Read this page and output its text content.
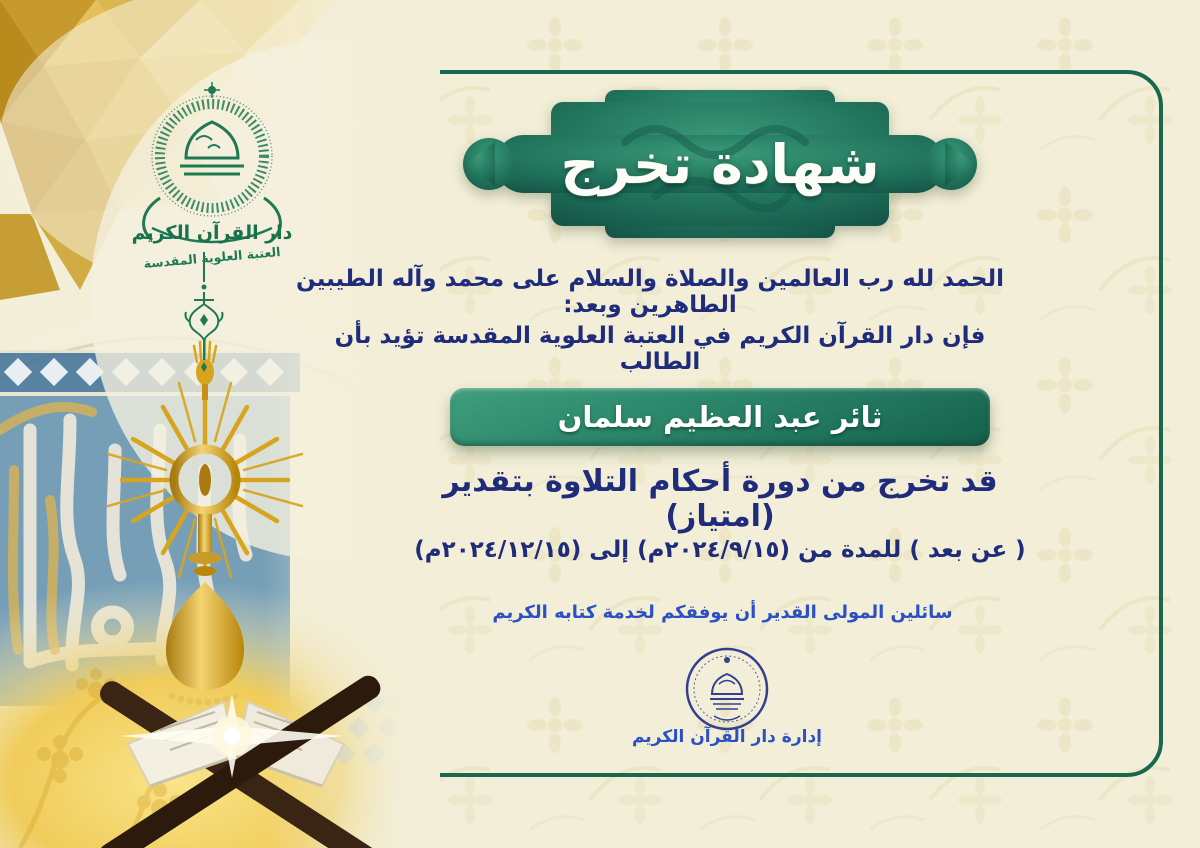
دار القرآن الكريم
العتبة العلوية المقدسة
شهادة تخرج
الحمد لله رب العالمين والصلاة والسلام على محمد وآله الطيبين الطاهرين وبعد:
فإن دار القرآن الكريم في العتبة العلوية المقدسة تؤيد بأن الطالب
ثائر عبد العظيم سلمان
قد تخرج من دورة أحكام التلاوة بتقدير (امتياز)
( عن بعد ) للمدة من (٢٠٢٤/٩/١٥م) إلى (٢٠٢٤/١٢/١٥م)
سائلين المولى القدير أن يوفقكم لخدمة كتابه الكريم
إدارة دار القرآن الكريم
